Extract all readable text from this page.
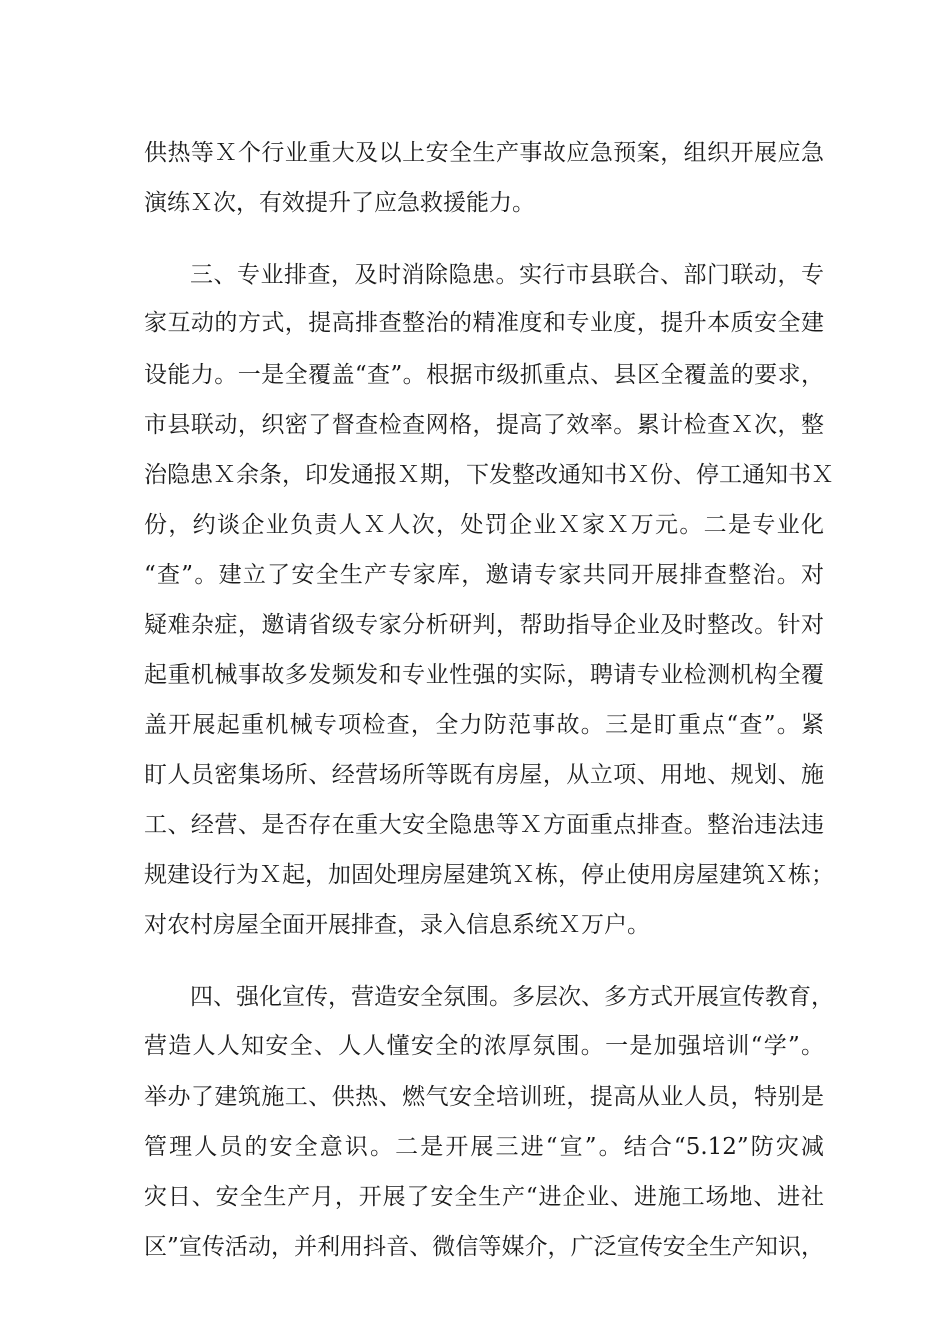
供热等Ｘ个行业重大及以上安全生产事故应急预案，组织开展应急
演练Ｘ次，有效提升了应急救援能力。
三、专业排查，及时消除隐患。实行市县联合、部门联动，专
家互动的方式，提高排查整治的精准度和专业度，提升本质安全建
设能力。一是全覆盖“查”。根据市级抓重点、县区全覆盖的要求，
市县联动，织密了督查检查网格，提高了效率。累计检查Ｘ次，整
治隐患Ｘ余条，印发通报Ｘ期，下发整改通知书Ｘ份、停工通知书Ｘ
份，约谈企业负责人Ｘ人次，处罚企业Ｘ家Ｘ万元。二是专业化
“查”。建立了安全生产专家库，邀请专家共同开展排查整治。对
疑难杂症，邀请省级专家分析研判，帮助指导企业及时整改。针对
起重机械事故多发频发和专业性强的实际，聘请专业检测机构全覆
盖开展起重机械专项检查，全力防范事故。三是盯重点“查”。紧
盯人员密集场所、经营场所等既有房屋，从立项、用地、规划、施
工、经营、是否存在重大安全隐患等Ｘ方面重点排查。整治违法违
规建设行为Ｘ起，加固处理房屋建筑Ｘ栋，停止使用房屋建筑Ｘ栋；
对农村房屋全面开展排查，录入信息系统Ｘ万户。
四、强化宣传，营造安全氛围。多层次、多方式开展宣传教育，
营造人人知安全、人人懂安全的浓厚氛围。一是加强培训“学”。
举办了建筑施工、供热、燃气安全培训班，提高从业人员，特别是
管理人员的安全意识。二是开展三进“宣”。结合“5.12”防灾减
灾日、安全生产月，开展了安全生产“进企业、进施工场地、进社
区”宣传活动，并利用抖音、微信等媒介，广泛宣传安全生产知识，
